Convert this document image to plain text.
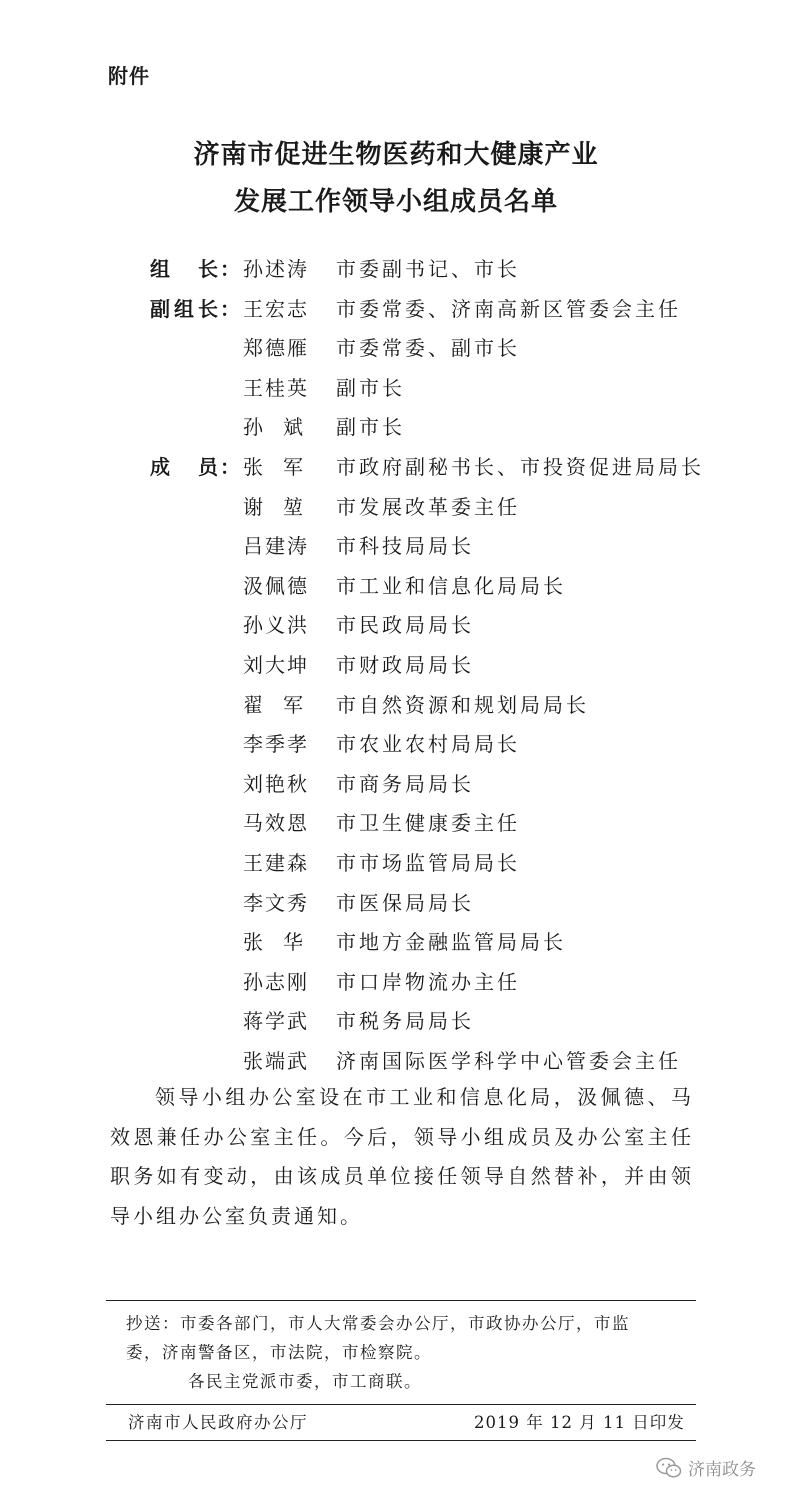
附件
济南市促进生物医药和大健康产业
发展工作领导小组成员名单
组 长 ： 孙述涛 市委副书记、市长
副 组 长 ： 王宏志 市委常委、济南高新区管委会主任
郑德雁 市委常委、副市长
王桂英 副市长
孙　斌 副市长
成 员 ： 张　军 市政府副秘书长、市投资促进局局长
谢　堃 市发展改革委主任
吕建涛 市科技局局长
汲佩德 市工业和信息化局局长
孙义洪 市民政局局长
刘大坤 市财政局局长
翟　军 市自然资源和规划局局长
李季孝 市农业农村局局长
刘艳秋 市商务局局长
马效恩 市卫生健康委主任
王建森 市市场监管局局长
李文秀 市医保局局长
张　华 市地方金融监管局局长
孙志刚 市口岸物流办主任
蒋学武 市税务局局长
张端武 济南国际医学科学中心管委会主任
领导小组办公室设在市工业和信息化局，汲佩德、马效恩兼任办公室主任。今后，领导小组成员及办公室主任职务如有变动，由该成员单位接任领导自然替补，并由领导小组办公室负责通知。
抄送：市委各部门，市人大常委会办公厅，市政协办公厅，市监
委，济南警备区，市法院，市检察院。
各民主党派市委，市工商联。
济南市人民政府办公厅	2019 年 12 月 11 日印发
济南政务
